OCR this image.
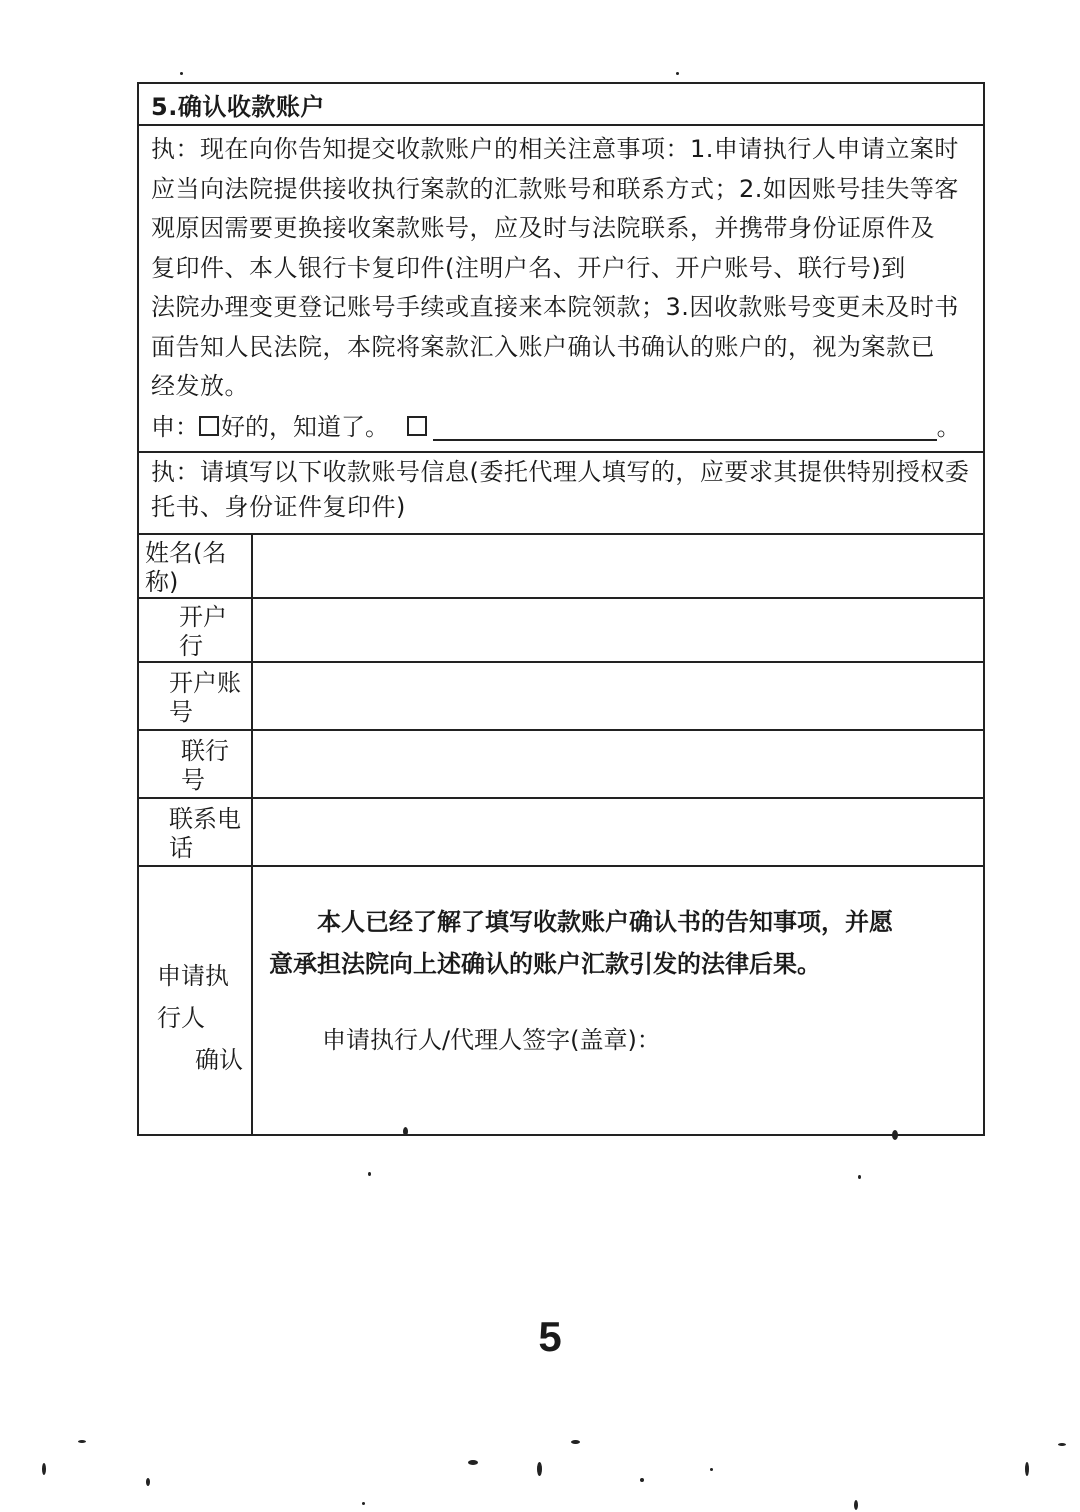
5.确认收款账户
执：现在向你告知提交收款账户的相关注意事项：1.申请执行人申请立案时
应当向法院提供接收执行案款的汇款账号和联系方式；2.如因账号挂失等客
观原因需要更换接收案款账号，应及时与法院联系，并携带身份证原件及
复印件、本人银行卡复印件(注明户名、开户行、开户账号、联行号)到
法院办理变更登记账号手续或直接来本院领款；3.因收款账号变更未及时书
面告知人民法院，本院将案款汇入账户确认书确认的账户的，视为案款已
经发放。
申： 好的，知道了。	。
执：请填写以下收款账号信息(委托代理人填写的，应要求其提供特别授权委托书、身份证件复印件)
姓名(名称)
开户行
开户账号
联行号
联系电话
申请执
行人
确认
本人已经了解了填写收款账户确认书的告知事项，并愿
意承担法院向上述确认的账户汇款引发的法律后果。
申请执行人/代理人签字(盖章)：
5
